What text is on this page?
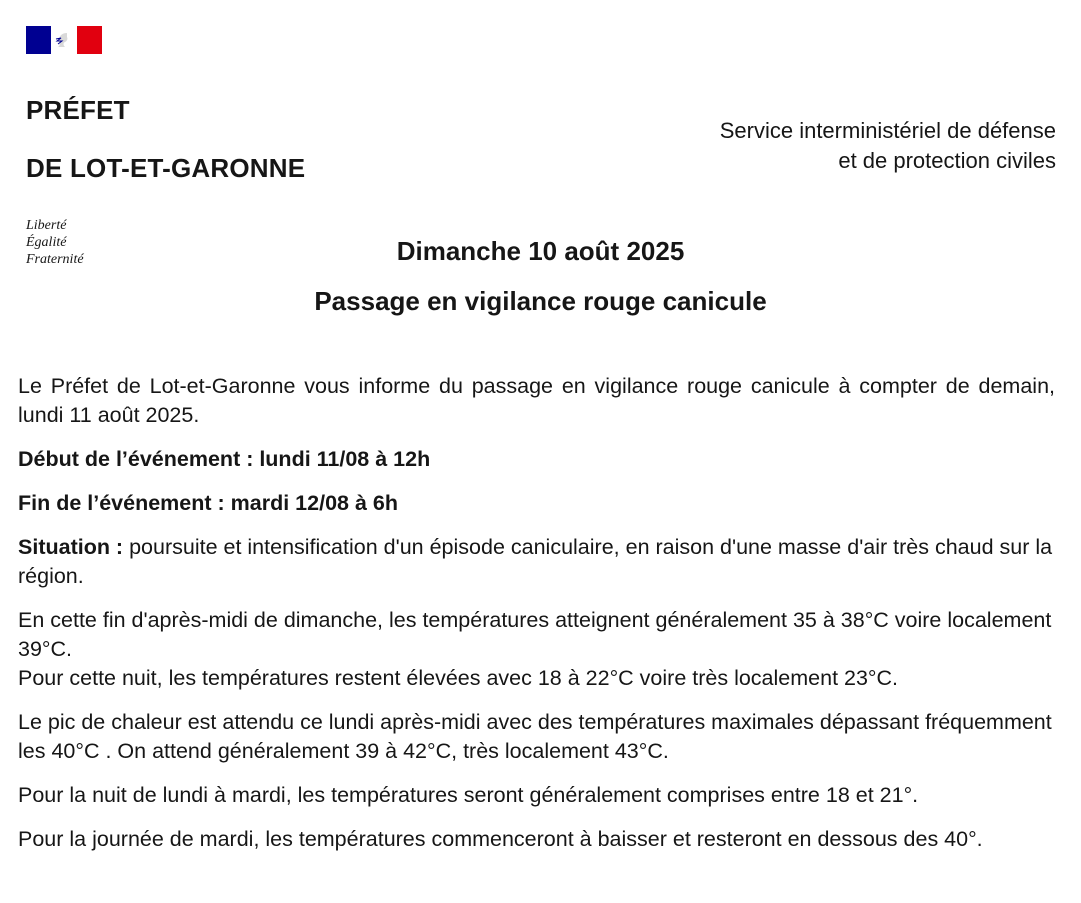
PRÉFET

DE LOT-ET-GARONNE

Liberté
Égalité
Fraternité
Service interministériel de défense
et de protection civiles
Dimanche 10 août 2025
Passage en vigilance rouge canicule

Le Préfet de Lot-et-Garonne vous informe du passage en vigilance rouge canicule à compter de demain, lundi 11 août 2025.

Début de l’événement : lundi 11/08 à 12h

Fin de l’événement : mardi 12/08 à 6h

Situation : poursuite et intensification d'un épisode caniculaire, en raison d'une masse d'air très chaud sur la région.

En cette fin d'après-midi de dimanche, les températures atteignent généralement 35 à 38°C voire localement 39°C.

Pour cette nuit, les températures restent élevées avec 18 à 22°C voire très localement 23°C.

Le pic de chaleur est attendu ce lundi après-midi avec des températures maximales dépassant fréquemment les 40°C . On attend généralement 39 à 42°C, très localement 43°C.

Pour la nuit de lundi à mardi, les températures seront généralement comprises entre 18 et 21°.

Pour la journée de mardi, les températures commenceront à baisser et resteront en dessous des 40°.
